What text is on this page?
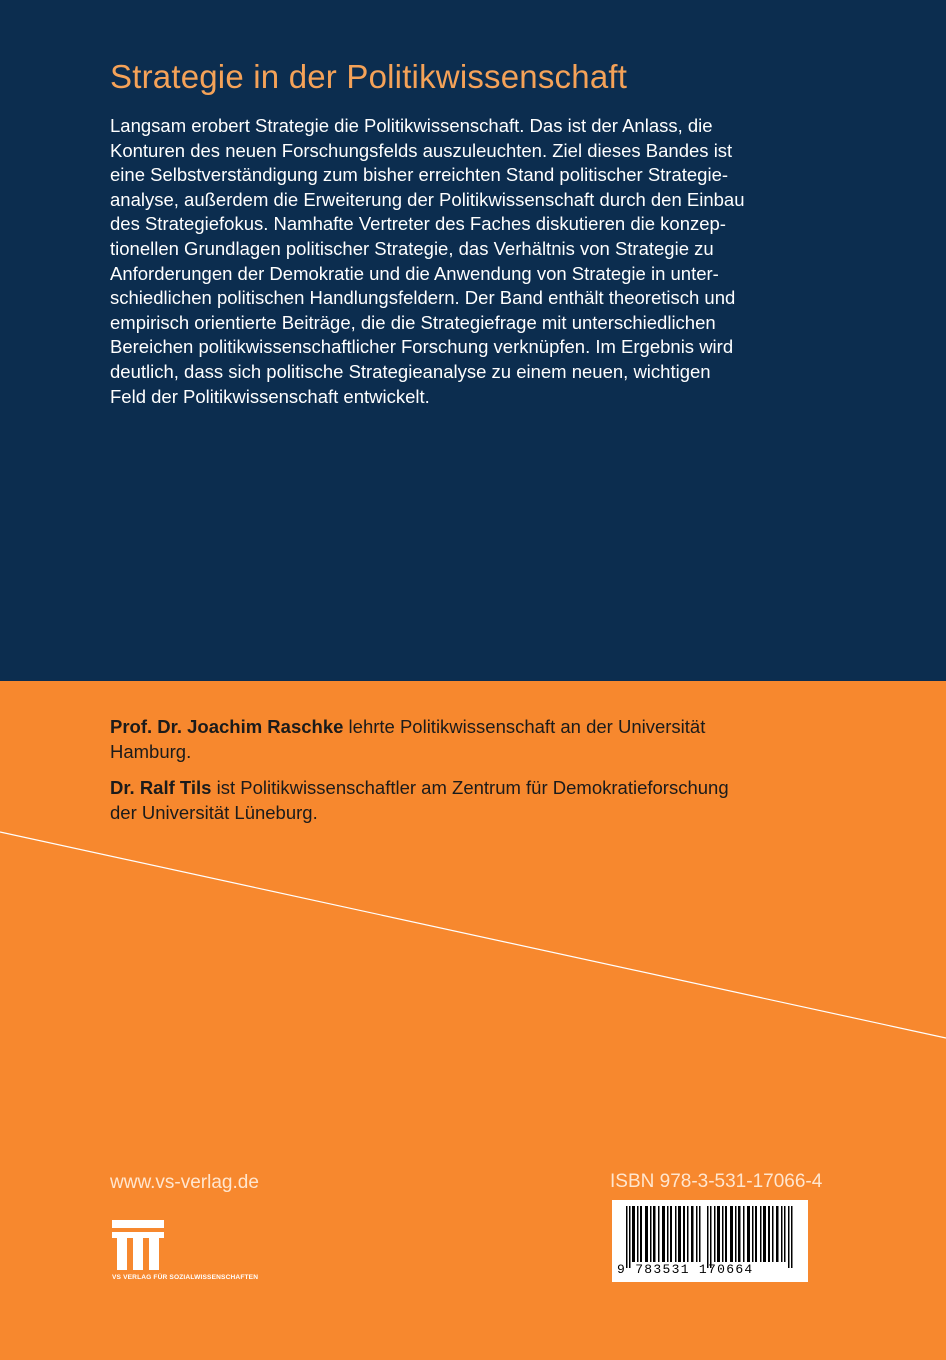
Strategie in der Politikwissenschaft

Langsam erobert Strategie die Politikwissenschaft. Das ist der Anlass, die
Konturen des neuen Forschungsfelds auszuleuchten. Ziel dieses Bandes ist
eine Selbstverständigung zum bisher erreichten Stand politischer Strategie-
analyse, außerdem die Erweiterung der Politikwissenschaft durch den Einbau
des Strategiefokus. Namhafte Vertreter des Faches diskutieren die konzep-
tionellen Grundlagen politischer Strategie, das Verhältnis von Strategie zu
Anforderungen der Demokratie und die Anwendung von Strategie in unter-
schiedlichen politischen Handlungsfeldern. Der Band enthält theoretisch und
empirisch orientierte Beiträge, die die Strategiefrage mit unterschiedlichen
Bereichen politikwissenschaftlicher Forschung verknüpfen. Im Ergebnis wird
deutlich, dass sich politische Strategieanalyse zu einem neuen, wichtigen
Feld der Politikwissenschaft entwickelt.

Prof. Dr. Joachim Raschke lehrte Politikwissenschaft an der Universität
Hamburg.

Dr. Ralf Tils ist Politikwissenschaftler am Zentrum für Demokratieforschung
der Universität Lüneburg.

www.vs-verlag.de

VS VERLAG FÜR SOZIALWISSENSCHAFTEN

ISBN 978-3-531-17066-4

9 783531 170664
